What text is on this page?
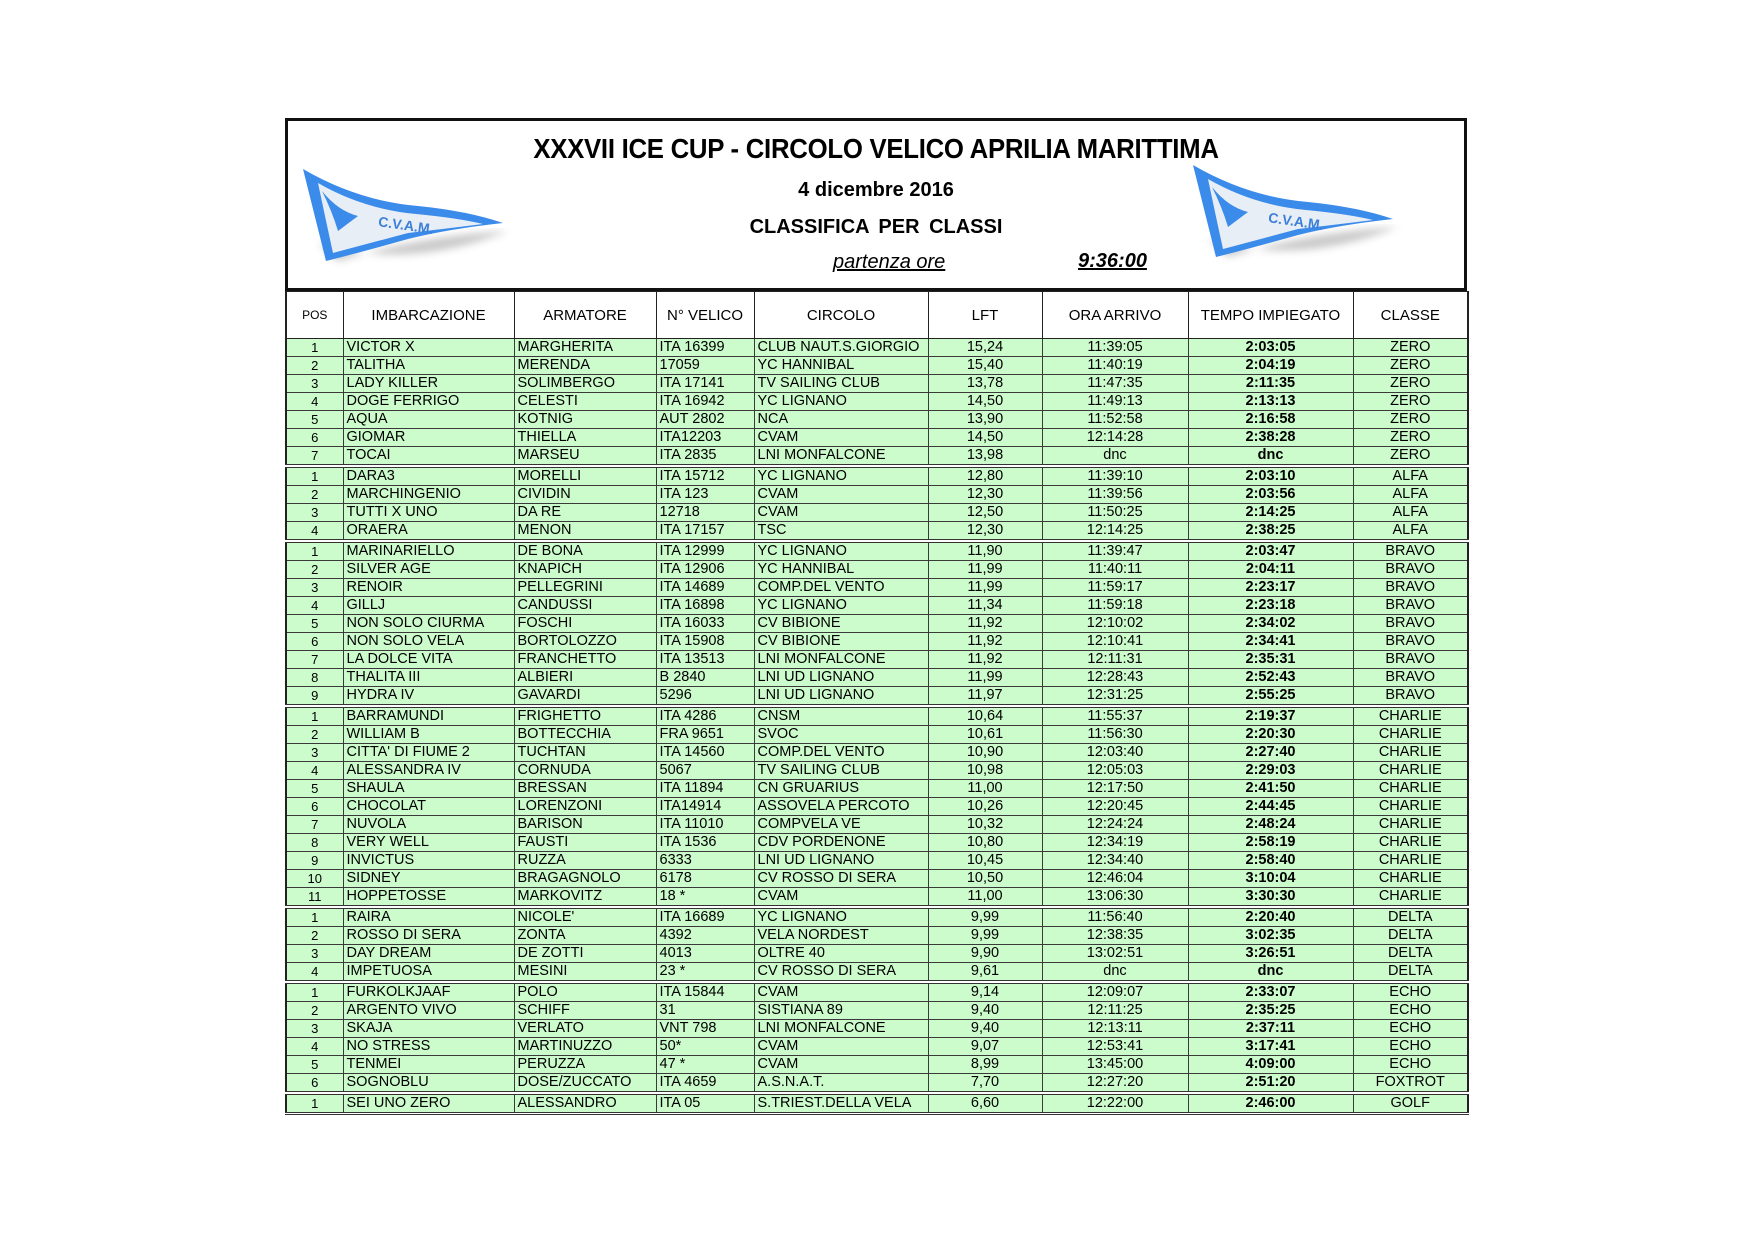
C.V.A.M.
XXXVII ICE CUP - CIRCOLO VELICO APRILIA MARITTIMA
4 dicembre 2016
CLASSIFICA PER CLASSI
partenza ore	9:36:00
C.V.A.M.
POS	IMBARCAZIONE	ARMATORE	N° VELICO	CIRCOLO	LFT	ORA ARRIVO	TEMPO IMPIEGATO	CLASSE
1	VICTOR X	MARGHERITA	ITA 16399	CLUB NAUT.S.GIORGIO	15,24	11:39:05	2:03:05	ZERO
2	TALITHA	MERENDA	17059	YC HANNIBAL	15,40	11:40:19	2:04:19	ZERO
3	LADY KILLER	SOLIMBERGO	ITA 17141	TV SAILING CLUB	13,78	11:47:35	2:11:35	ZERO
4	DOGE FERRIGO	CELESTI	ITA 16942	YC LIGNANO	14,50	11:49:13	2:13:13	ZERO
5	AQUA	KOTNIG	AUT 2802	NCA	13,90	11:52:58	2:16:58	ZERO
6	GIOMAR	THIELLA	ITA12203	CVAM	14,50	12:14:28	2:38:28	ZERO
7	TOCAI	MARSEU	ITA 2835	LNI MONFALCONE	13,98	dnc	dnc	ZERO
1	DARA3	MORELLI	ITA 15712	YC LIGNANO	12,80	11:39:10	2:03:10	ALFA
2	MARCHINGENIO	CIVIDIN	ITA 123	CVAM	12,30	11:39:56	2:03:56	ALFA
3	TUTTI X UNO	DA RE	12718	CVAM	12,50	11:50:25	2:14:25	ALFA
4	ORAERA	MENON	ITA 17157	TSC	12,30	12:14:25	2:38:25	ALFA
1	MARINARIELLO	DE BONA	ITA 12999	YC LIGNANO	11,90	11:39:47	2:03:47	BRAVO
2	SILVER AGE	KNAPICH	ITA 12906	YC HANNIBAL	11,99	11:40:11	2:04:11	BRAVO
3	RENOIR	PELLEGRINI	ITA 14689	COMP.DEL VENTO	11,99	11:59:17	2:23:17	BRAVO
4	GILLJ	CANDUSSI	ITA 16898	YC LIGNANO	11,34	11:59:18	2:23:18	BRAVO
5	NON SOLO CIURMA	FOSCHI	ITA 16033	CV BIBIONE	11,92	12:10:02	2:34:02	BRAVO
6	NON SOLO VELA	BORTOLOZZO	ITA 15908	CV BIBIONE	11,92	12:10:41	2:34:41	BRAVO
7	LA DOLCE VITA	FRANCHETTO	ITA 13513	LNI MONFALCONE	11,92	12:11:31	2:35:31	BRAVO
8	THALITA III	ALBIERI	B 2840	LNI UD LIGNANO	11,99	12:28:43	2:52:43	BRAVO
9	HYDRA IV	GAVARDI	5296	LNI UD LIGNANO	11,97	12:31:25	2:55:25	BRAVO
1	BARRAMUNDI	FRIGHETTO	ITA 4286	CNSM	10,64	11:55:37	2:19:37	CHARLIE
2	WILLIAM B	BOTTECCHIA	FRA 9651	SVOC	10,61	11:56:30	2:20:30	CHARLIE
3	CITTA' DI FIUME 2	TUCHTAN	ITA 14560	COMP.DEL VENTO	10,90	12:03:40	2:27:40	CHARLIE
4	ALESSANDRA IV	CORNUDA	5067	TV SAILING CLUB	10,98	12:05:03	2:29:03	CHARLIE
5	SHAULA	BRESSAN	ITA 11894	CN GRUARIUS	11,00	12:17:50	2:41:50	CHARLIE
6	CHOCOLAT	LORENZONI	ITA14914	ASSOVELA PERCOTO	10,26	12:20:45	2:44:45	CHARLIE
7	NUVOLA	BARISON	ITA 11010	COMPVELA VE	10,32	12:24:24	2:48:24	CHARLIE
8	VERY WELL	FAUSTI	ITA 1536	CDV PORDENONE	10,80	12:34:19	2:58:19	CHARLIE
9	INVICTUS	RUZZA	6333	LNI UD LIGNANO	10,45	12:34:40	2:58:40	CHARLIE
10	SIDNEY	BRAGAGNOLO	6178	CV ROSSO DI SERA	10,50	12:46:04	3:10:04	CHARLIE
11	HOPPETOSSE	MARKOVITZ	18 *	CVAM	11,00	13:06:30	3:30:30	CHARLIE
1	RAIRA	NICOLE'	ITA 16689	YC LIGNANO	9,99	11:56:40	2:20:40	DELTA
2	ROSSO DI SERA	ZONTA	4392	VELA NORDEST	9,99	12:38:35	3:02:35	DELTA
3	DAY DREAM	DE ZOTTI	4013	OLTRE 40	9,90	13:02:51	3:26:51	DELTA
4	IMPETUOSA	MESINI	23 *	CV ROSSO DI SERA	9,61	dnc	dnc	DELTA
1	FURKOLKJAAF	POLO	ITA 15844	CVAM	9,14	12:09:07	2:33:07	ECHO
2	ARGENTO VIVO	SCHIFF	31	SISTIANA 89	9,40	12:11:25	2:35:25	ECHO
3	SKAJA	VERLATO	VNT 798	LNI MONFALCONE	9,40	12:13:11	2:37:11	ECHO
4	NO STRESS	MARTINUZZO	50*	CVAM	9,07	12:53:41	3:17:41	ECHO
5	TENMEI	PERUZZA	47 *	CVAM	8,99	13:45:00	4:09:00	ECHO
6	SOGNOBLU	DOSE/ZUCCATO	ITA 4659	A.S.N.A.T.	7,70	12:27:20	2:51:20	FOXTROT
1	SEI UNO ZERO	ALESSANDRO	ITA 05	S.TRIEST.DELLA VELA	6,60	12:22:00	2:46:00	GOLF
